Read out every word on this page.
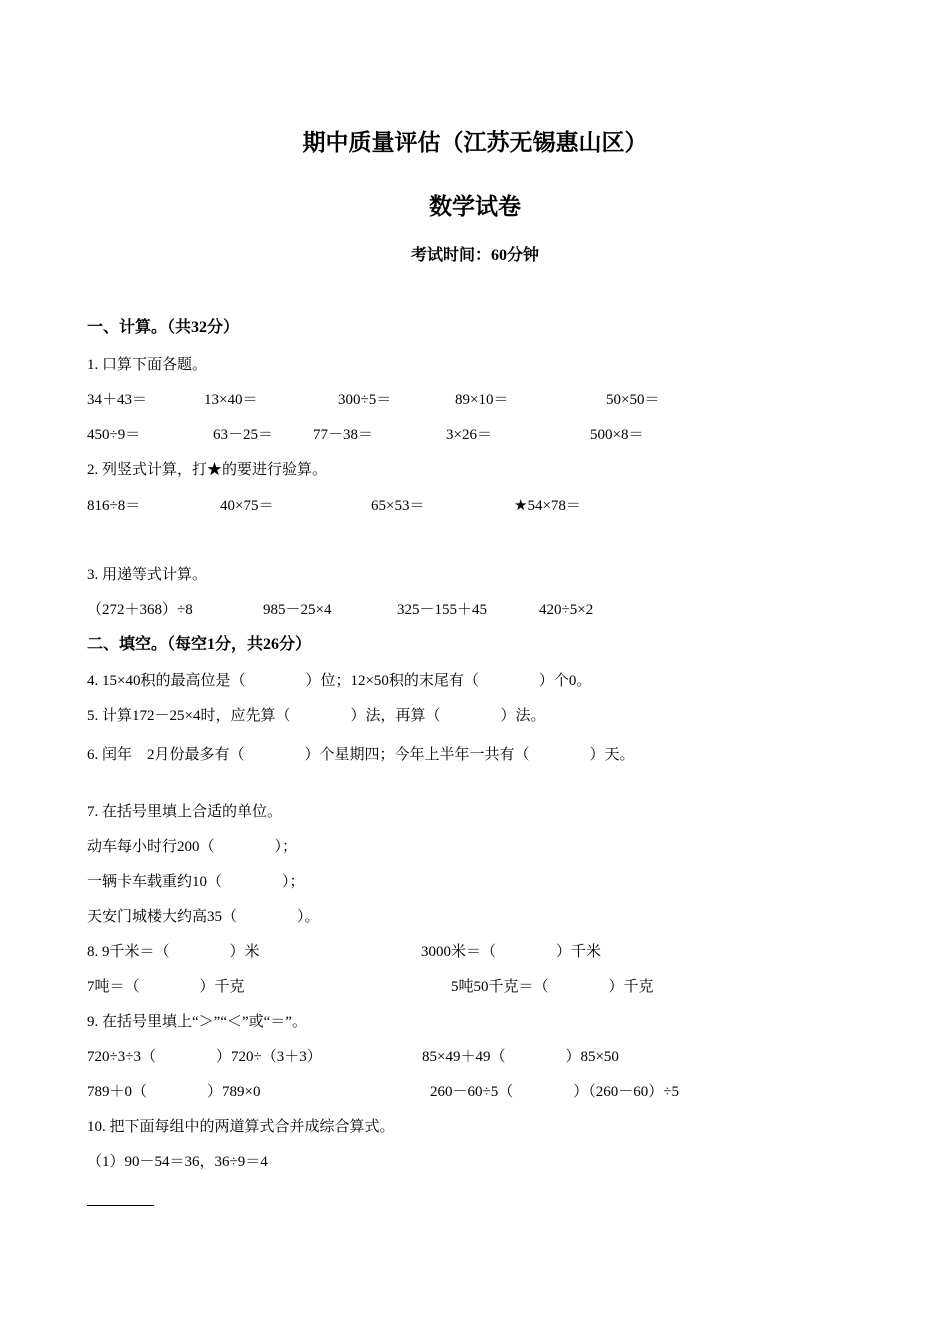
期中质量评估（江苏无锡惠山区）
数学试卷
考试时间：60分钟
一、计算。（共32分）
1. 口算下面各题。
34＋43＝	13×40＝	300÷5＝	89×10＝	50×50＝
450÷9＝	63－25＝	77－38＝	3×26＝	500×8＝
2. 列竖式计算，打★的要进行验算。
816÷8＝	40×75＝	65×53＝	★54×78＝
3. 用递等式计算。
（272＋368）÷8	985－25×4	325－155＋45	420÷5×2
二、填空。（每空1分，共26分）
4. 15×40积的最高位是（　　　　）位；12×50积的末尾有（　　　　）个0。
5. 计算172－25×4时，应先算（　　　　）法，再算（　　　　）法。
6. 闰年　2月份最多有（　　　　）个星期四；今年上半年一共有（　　　　）天。
7. 在括号里填上合适的单位。
动车每小时行200（　　　　）；
一辆卡车载重约10（　　　　）；
天安门城楼大约高35（　　　　）。
8. 9千米＝（　　　　）米	3000米＝（　　　　）千米
7吨＝（　　　　）千克	5吨50千克＝（　　　　）千克
9. 在括号里填上“＞”“＜”或“＝”。
720÷3÷3（　　　　）720÷（3＋3）	85×49＋49（　　　　）85×50
789＋0（　　　　）789×0	260－60÷5（　　　　）（260－60）÷5
10. 把下面每组中的两道算式合并成综合算式。
（1）90－54＝36，36÷9＝4
